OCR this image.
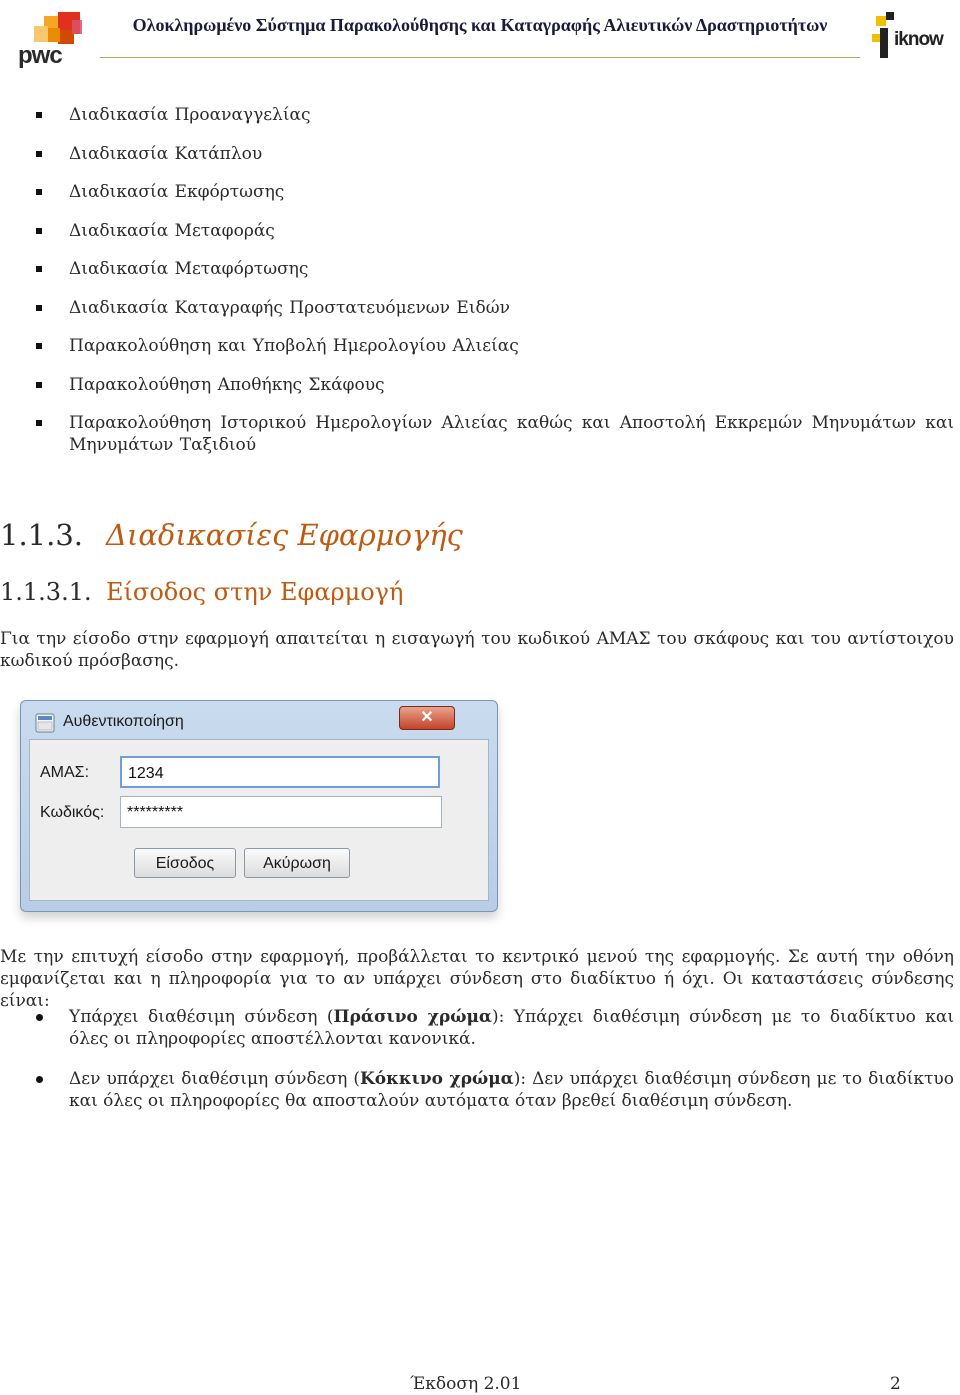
pwc
Ολοκληρωμένο Σύστημα Παρακολούθησης και Καταγραφής Αλιευτικών Δραστηριοτήτων
iknow
Διαδικασία Προαναγγελίας
Διαδικασία Κατάπλου
Διαδικασία Εκφόρτωσης
Διαδικασία Μεταφοράς
Διαδικασία Μεταφόρτωσης
Διαδικασία Καταγραφής Προστατευόμενων Ειδών
Παρακολούθηση και Υποβολή Ημερολογίου Αλιείας
Παρακολούθηση Αποθήκης Σκάφους
Παρακολούθηση Ιστορικού Ημερολογίων Αλιείας καθώς και Αποστολή Εκκρεμών Μηνυμάτων και Μηνυμάτων Ταξιδιού
1.1.3. Διαδικασίες Εφαρμογής
1.1.3.1. Είσοδος στην Εφαρμογή
Για την είσοδο στην εφαρμογή απαιτείται η εισαγωγή του κωδικού ΑΜΑΣ του σκάφους και του αντίστοιχου κωδικού πρόσβασης.
Αυθεντικοποίηση	✕
ΑΜΑΣ:	1234
Κωδικός:	*********
Είσοδος	Ακύρωση
Με την επιτυχή είσοδο στην εφαρμογή, προβάλλεται το κεντρικό μενού της εφαρμογής. Σε αυτή την οθόνη εμφανίζεται και η πληροφορία για το αν υπάρχει σύνδεση στο διαδίκτυο ή όχι. Οι καταστάσεις σύνδεσης είναι:
Υπάρχει διαθέσιμη σύνδεση (Πράσινο χρώμα): Υπάρχει διαθέσιμη σύνδεση με το διαδίκτυο και όλες οι πληροφορίες αποστέλλονται κανονικά.
Δεν υπάρχει διαθέσιμη σύνδεση (Κόκκινο χρώμα): Δεν υπάρχει διαθέσιμη σύνδεση με το διαδίκτυο και όλες οι πληροφορίες θα αποσταλούν αυτόματα όταν βρεθεί διαθέσιμη σύνδεση.
Έκδοση 2.01	2
